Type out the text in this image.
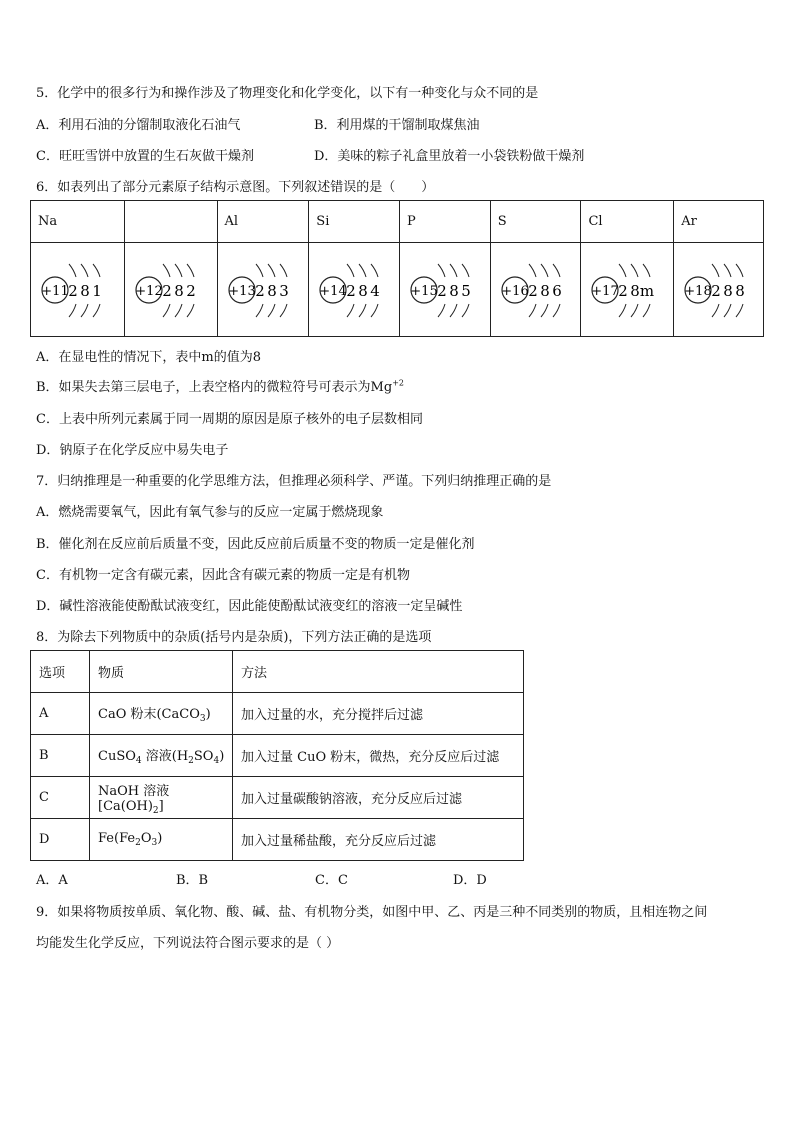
5．化学中的很多行为和操作涉及了物理变化和化学变化，以下有一种变化与众不同的是
A．利用石油的分馏制取液化石油气	B．利用煤的干馏制取煤焦油
C．旺旺雪饼中放置的生石灰做干燥剂	D．美味的粽子礼盒里放着一小袋铁粉做干燥剂
6．如表列出了部分元素原子结构示意图。下列叙述错误的是（　　）
Na		Al	Si	P	S	Cl	Ar

+11 2 8 1	+12 2 8 2	+13 2 8 3	+14 2 8 4	+15 2 8 5	+16 2 8 6	+17 2 8 m	+18 2 8 8
A．在显电性的情况下，表中m的值为8
B．如果失去第三层电子，上表空格内的微粒符号可表示为$Mg^{+2}$
C．上表中所列元素属于同一周期的原因是原子核外的电子层数相同
D．钠原子在化学反应中易失电子
7．归纳推理是一种重要的化学思维方法，但推理必须科学、严谨。下列归纳推理正确的是
A．燃烧需要氧气，因此有氧气参与的反应一定属于燃烧现象
B．催化剂在反应前后质量不变，因此反应前后质量不变的物质一定是催化剂
C．有机物一定含有碳元素，因此含有碳元素的物质一定是有机物
D．碱性溶液能使酚酞试液变红，因此能使酚酞试液变红的溶液一定呈碱性
8．为除去下列物质中的杂质(括号内是杂质)，下列方法正确的是选项
选项	物质	方法
A	CaO 粉末(CaCO$_3$)	加入过量的水，充分搅拌后过滤
B	CuSO$_4$ 溶液$(H_2SO_4)$	加入过量 CuO 粉末，微热，充分反应后过滤
C	NaOH 溶液$[Ca(OH)_2]$	加入过量碳酸钠溶液，充分反应后过滤
D	$Fe(Fe_2O_3)$	加入过量稀盐酸，充分反应后过滤
A．A	B．B	C．C	D．D
9．如果将物质按单质、氧化物、酸、碱、盐、有机物分类，如图中甲、乙、丙是三种不同类别的物质，且相连物之间
均能发生化学反应，下列说法符合图示要求的是（ ）
